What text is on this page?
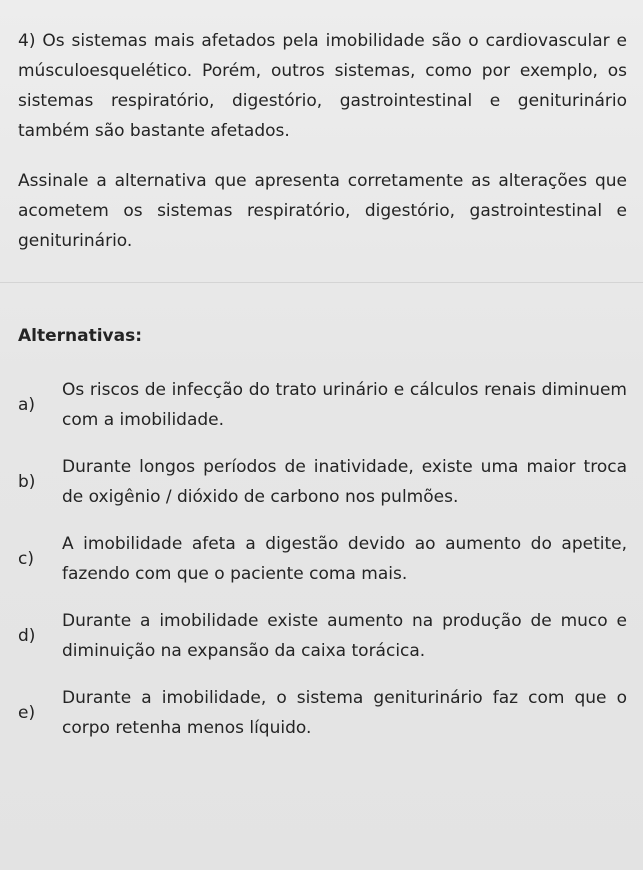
4) Os sistemas mais afetados pela imobilidade são o cardiovascular e músculoesquelético. Porém, outros sistemas, como por exemplo, os sistemas respiratório, digestório, gastrointestinal e geniturinário também são bastante afetados.

Assinale a alternativa que apresenta corretamente as alterações que acometem os sistemas respiratório, digestório, gastrointestinal e geniturinário.

Alternativas:
a)
Os riscos de infecção do trato urinário e cálculos renais diminuem com a imobilidade.
b)
Durante longos períodos de inatividade, existe uma maior troca de oxigênio / dióxido de carbono nos pulmões.
c)
A imobilidade afeta a digestão devido ao aumento do apetite, fazendo com que o paciente coma mais.
d)
Durante a imobilidade existe aumento na produção de muco e diminuição na expansão da caixa torácica.
e)
Durante a imobilidade, o sistema geniturinário faz com que o corpo retenha menos líquido.
